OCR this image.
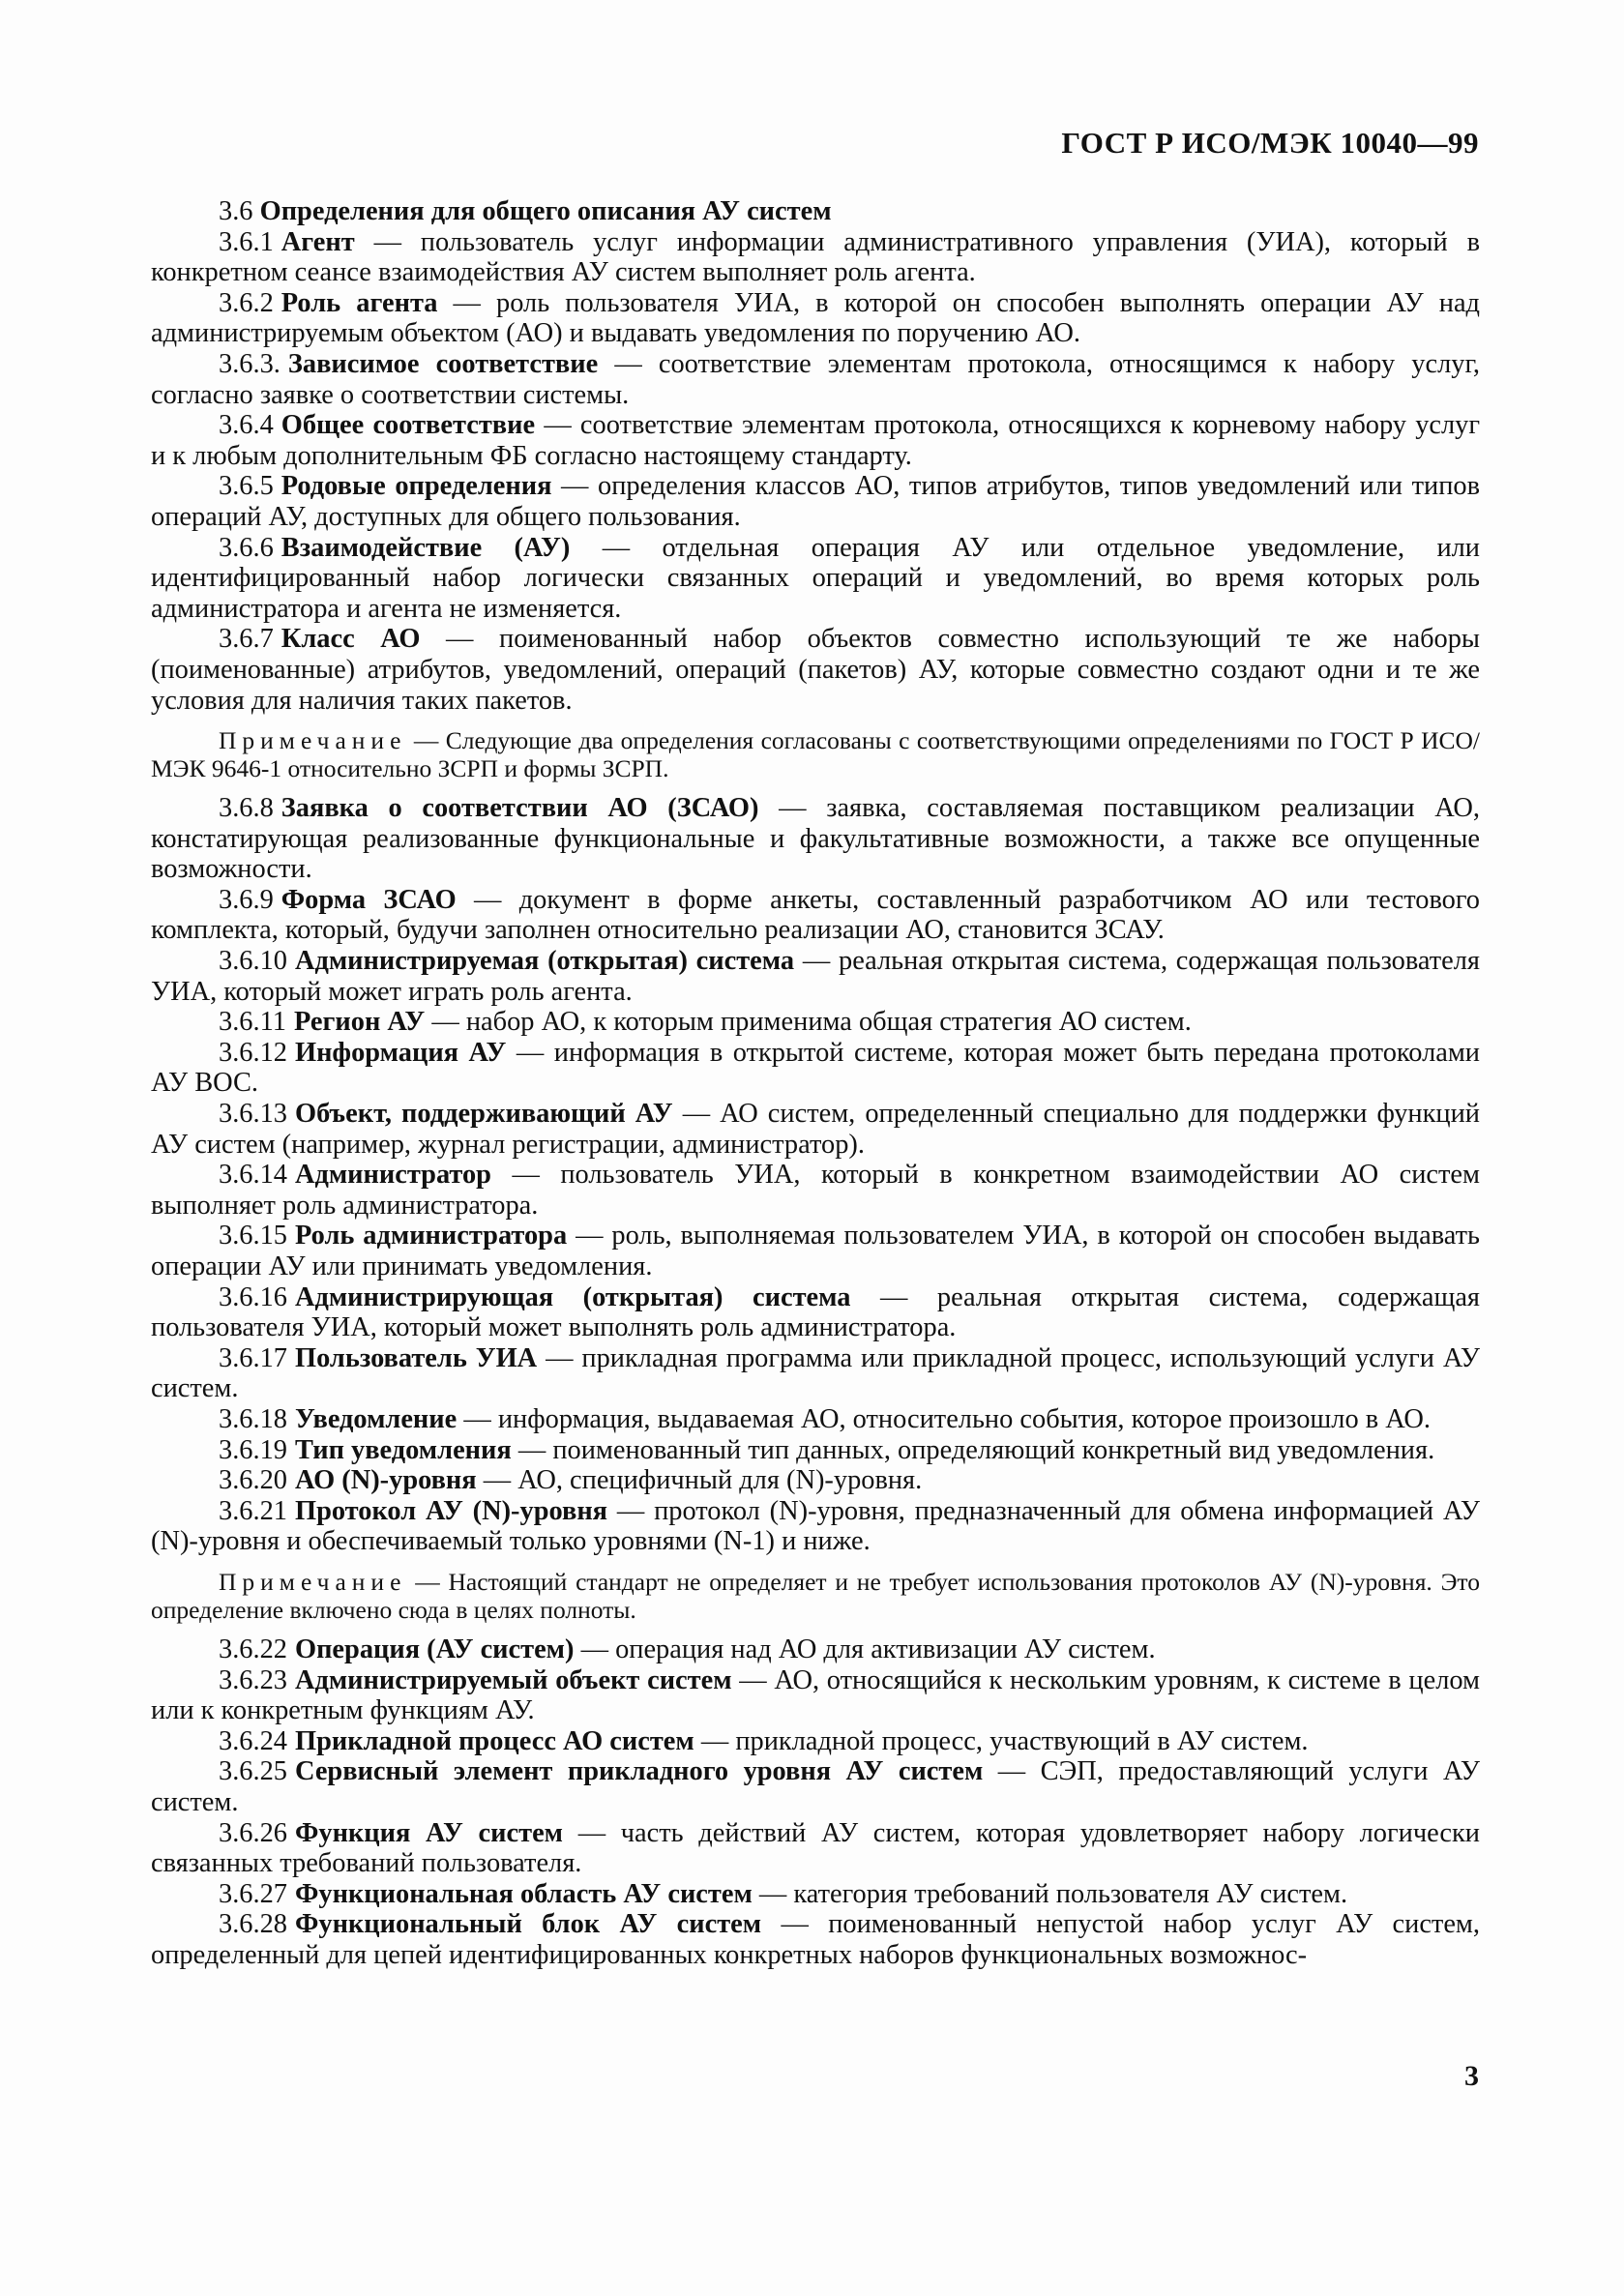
ГОСТ Р ИСО/МЭК 10040—99

3.6 Определения для общего описания АУ систем

3.6.1 Агент — пользователь услуг информации административного управления (УИА), который в конкретном сеансе взаимодействия АУ систем выполняет роль агента.

3.6.2 Роль агента — роль пользователя УИА, в которой он способен выполнять операции АУ над администрируемым объектом (АО) и выдавать уведомления по поручению АО.

3.6.3. Зависимое соответствие — соответствие элементам протокола, относящимся к набору услуг, согласно заявке о соответствии системы.

3.6.4 Общее соответствие — соответствие элементам протокола, относящихся к корневому набору услуг и к любым дополнительным ФБ согласно настоящему стандарту.

3.6.5 Родовые определения — определения классов АО, типов атрибутов, типов уведомлений или типов операций АУ, доступных для общего пользования.

3.6.6 Взаимодействие (АУ) — отдельная операция АУ или отдельное уведомление, или идентифицированный набор логически связанных операций и уведомлений, во время которых роль администратора и агента не изменяется.

3.6.7 Класс АО — поименованный набор объектов совместно использующий те же наборы (поименованные) атрибутов, уведомлений, операций (пакетов) АУ, которые совместно создают одни и те же условия для наличия таких пакетов.

Примечание — Следующие два определения согласованы с соответствующими определениями по ГОСТ Р ИСО/МЭК 9646-1 относительно ЗСРП и формы ЗСРП.

3.6.8 Заявка о соответствии АО (ЗСАО) — заявка, составляемая поставщиком реализации АО, констатирующая реализованные функциональные и факультативные возможности, а также все опущенные возможности.

3.6.9 Форма ЗСАО — документ в форме анкеты, составленный разработчиком АО или тестового комплекта, который, будучи заполнен относительно реализации АО, становится ЗСАУ.

3.6.10 Администрируемая (открытая) система — реальная открытая система, содержащая пользователя УИА, который может играть роль агента.

3.6.11 Регион АУ — набор АО, к которым применима общая стратегия АО систем.

3.6.12 Информация АУ — информация в открытой системе, которая может быть передана протоколами АУ ВОС.

3.6.13 Объект, поддерживающий АУ — АО систем, определенный специально для поддержки функций АУ систем (например, журнал регистрации, администратор).

3.6.14 Администратор — пользователь УИА, который в конкретном взаимодействии АО систем выполняет роль администратора.

3.6.15 Роль администратора — роль, выполняемая пользователем УИА, в которой он способен выдавать операции АУ или принимать уведомления.

3.6.16 Администрирующая (открытая) система — реальная открытая система, содержащая пользователя УИА, который может выполнять роль администратора.

3.6.17 Пользователь УИА — прикладная программа или прикладной процесс, использующий услуги АУ систем.

3.6.18 Уведомление — информация, выдаваемая АО, относительно события, которое произошло в АО.

3.6.19 Тип уведомления — поименованный тип данных, определяющий конкретный вид уведомления.

3.6.20 АО (N)-уровня — АО, специфичный для (N)-уровня.

3.6.21 Протокол АУ (N)-уровня — протокол (N)-уровня, предназначенный для обмена информацией АУ (N)-уровня и обеспечиваемый только уровнями (N-1) и ниже.

Примечание — Настоящий стандарт не определяет и не требует использования протоколов АУ (N)-уровня. Это определение включено сюда в целях полноты.

3.6.22 Операция (АУ систем) — операция над АО для активизации АУ систем.

3.6.23 Администрируемый объект систем — АО, относящийся к нескольким уровням, к системе в целом или к конкретным функциям АУ.

3.6.24 Прикладной процесс АО систем — прикладной процесс, участвующий в АУ систем.

3.6.25 Сервисный элемент прикладного уровня АУ систем — СЭП, предоставляющий услуги АУ систем.

3.6.26 Функция АУ систем — часть действий АУ систем, которая удовлетворяет набору логически связанных требований пользователя.

3.6.27 Функциональная область АУ систем — категория требований пользователя АУ систем.

3.6.28 Функциональный блок АУ систем — поименованный непустой набор услуг АУ систем, определенный для цепей идентифицированных конкретных наборов функциональных возможнос-

3
